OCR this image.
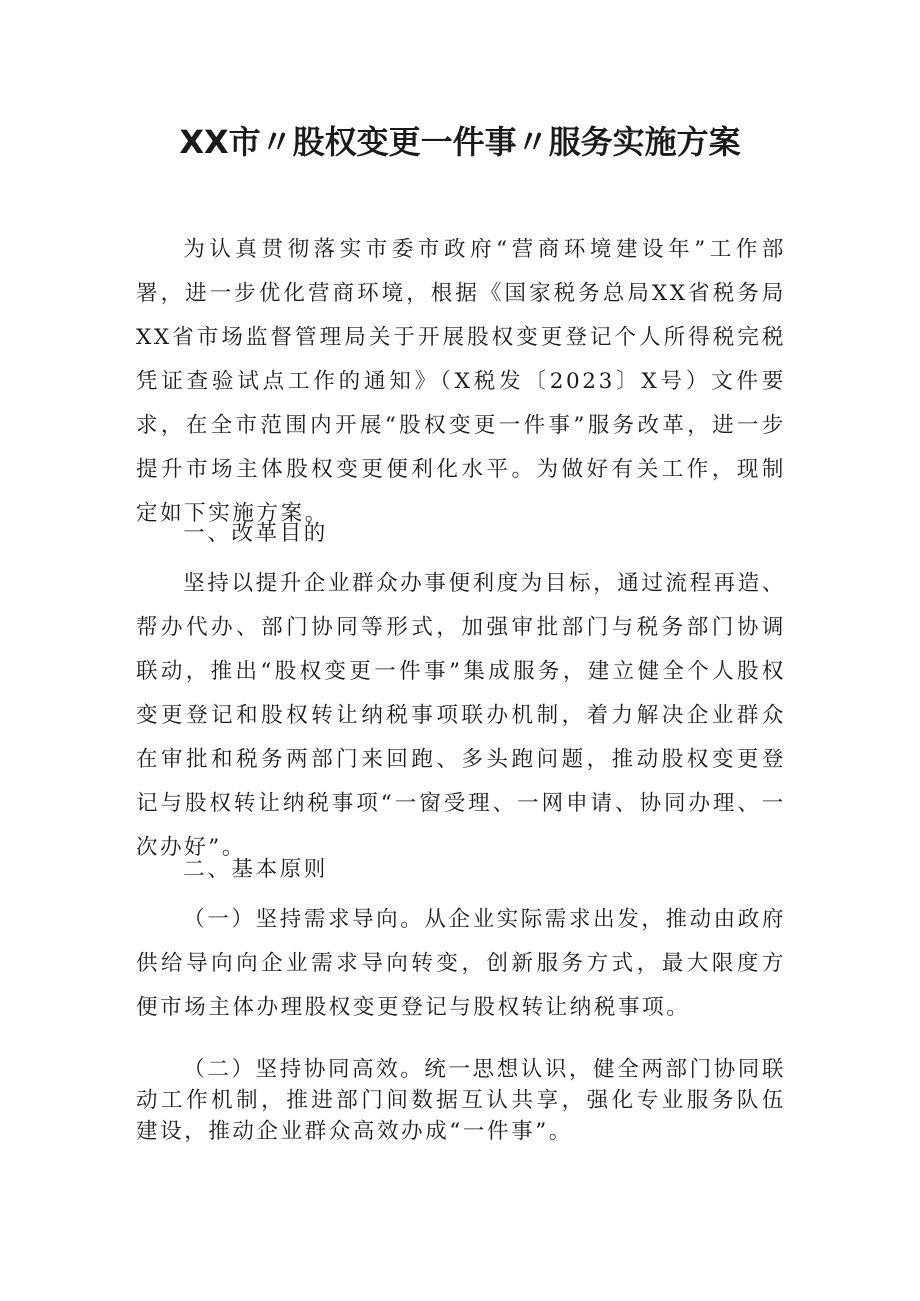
XX市〃股权变更一件事〃服务实施方案

为认真贯彻落实市委市政府“营商环境建设年”工作部署，进一步优化营商环境，根据《国家税务总局XX省税务局XX省市场监督管理局关于开展股权变更登记个人所得税完税凭证查验试点工作的通知》（X税发〔2023〕X号）文件要求，在全市范围内开展“股权变更一件事”服务改革，进一步提升市场主体股权变更便利化水平。为做好有关工作，现制定如下实施方案。

一、改革目的

坚持以提升企业群众办事便利度为目标，通过流程再造、帮办代办、部门协同等形式，加强审批部门与税务部门协调联动，推出“股权变更一件事”集成服务，建立健全个人股权变更登记和股权转让纳税事项联办机制，着力解决企业群众在审批和税务两部门来回跑、多头跑问题，推动股权变更登记与股权转让纳税事项“一窗受理、一网申请、协同办理、一次办好”。

二、基本原则

（一）坚持需求导向。从企业实际需求出发，推动由政府供给导向向企业需求导向转变，创新服务方式，最大限度方便市场主体办理股权变更登记与股权转让纳税事项。

（二）坚持协同高效。统一思想认识，健全两部门协同联动工作机制，推进部门间数据互认共享，强化专业服务队伍建设，推动企业群众高效办成“一件事”。
